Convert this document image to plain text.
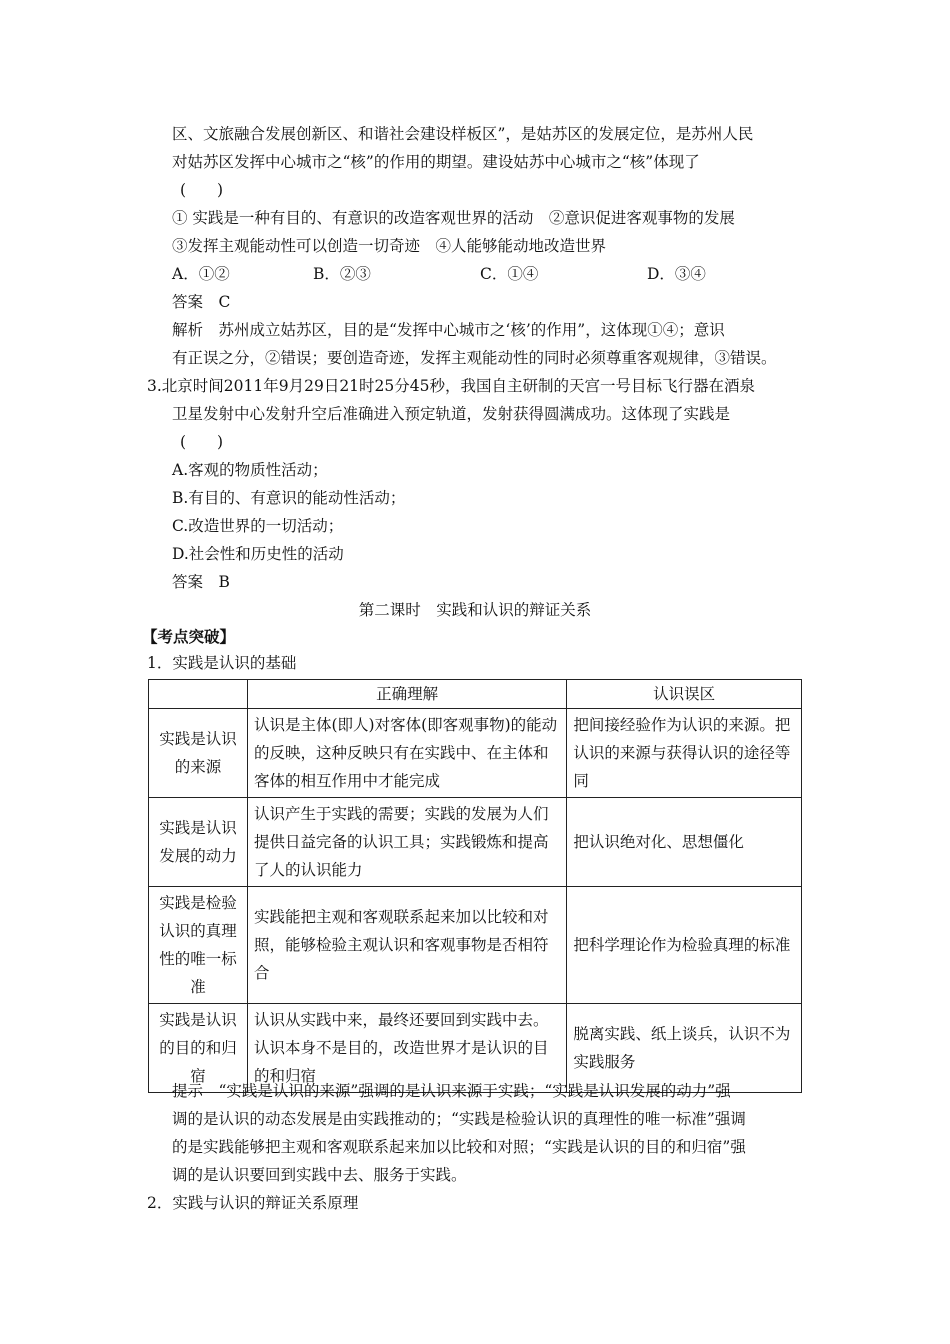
区、文旅融合发展创新区、和谐社会建设样板区”，是姑苏区的发展定位，是苏州人民
对姑苏区发挥中心城市之“核”的作用的期望。建设姑苏中心城市之“核”体现了
(　　)
① 实践是一种有目的、有意识的改造客观世界的活动　②意识促进客观事物的发展
③发挥主观能动性可以创造一切奇迹　④人能够能动地改造世界
A．①②	B．②③	C．①④	D．③④
答案　C
解析　苏州成立姑苏区，目的是“发挥中心城市之‘核’的作用”，这体现①④；意识
有正误之分，②错误；要创造奇迹，发挥主观能动性的同时必须尊重客观规律，③错误。
3.北京时间2011年9月29日21时25分45秒，我国自主研制的天宫一号目标飞行器在酒泉
卫星发射中心发射升空后准确进入预定轨道，发射获得圆满成功。这体现了实践是
(　　)
A.客观的物质性活动；
B.有目的、有意识的能动性活动；
C.改造世界的一切活动；
D.社会性和历史性的活动
答案　B
第二课时　实践和认识的辩证关系
【考点突破】
1．实践是认识的基础
	正确理解	认识误区
实践是认识的来源	认识是主体(即人)对客体(即客观事物)的能动的反映，这种反映只有在实践中、在主体和客体的相互作用中才能完成	把间接经验作为认识的来源。把认识的来源与获得认识的途径等同
实践是认识发展的动力	认识产生于实践的需要；实践的发展为人们提供日益完备的认识工具；实践锻炼和提高了人的认识能力	把认识绝对化、思想僵化
实践是检验认识的真理性的唯一标准	实践能把主观和客观联系起来加以比较和对照，能够检验主观认识和客观事物是否相符合	把科学理论作为检验真理的标准
实践是认识的目的和归宿	认识从实践中来，最终还要回到实践中去。认识本身不是目的，改造世界才是认识的目的和归宿	脱离实践、纸上谈兵，认识不为实践服务
提示　“实践是认识的来源”强调的是认识来源于实践；“实践是认识发展的动力”强
调的是认识的动态发展是由实践推动的；“实践是检验认识的真理性的唯一标准”强调
的是实践能够把主观和客观联系起来加以比较和对照；“实践是认识的目的和归宿”强
调的是认识要回到实践中去、服务于实践。
2．实践与认识的辩证关系原理
